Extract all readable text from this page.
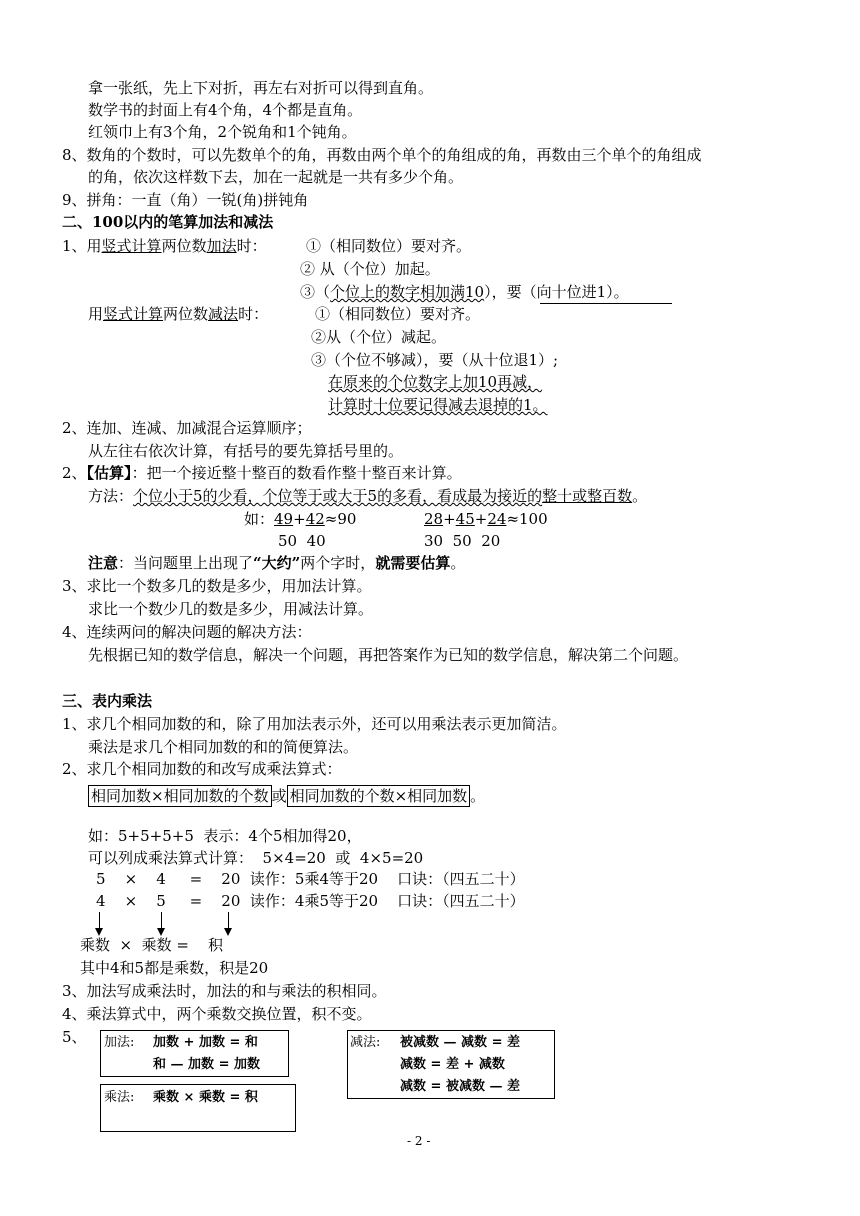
拿一张纸，先上下对折，再左右对折可以得到直角。
数学书的封面上有4个角，4个都是直角。
红领巾上有3个角，2个锐角和1个钝角。
8、数角的个数时，可以先数单个的角，再数由两个单个的角组成的角，再数由三个单个的角组成
的角，依次这样数下去，加在一起就是一共有多少个角。
9、拼角：一直（角）一锐(角)拼钝角
二、100以内的笔算加法和减法
1、用竖式计算两位数加法时：	①（相同数位）要对齐。
② 从（个位）加起。
③（个位上的数字相加满10），要（向十位进1）。
用竖式计算两位数减法时：	①（相同数位）要对齐。
②从（个位）减起。
③（个位不够减），要（从十位退1）;
在原来的个位数字上加10再减，
计算时十位要记得减去退掉的1。
2、连加、连减、加减混合运算顺序；
从左往右依次计算，有括号的要先算括号里的。
2、【估算】：把一个接近整十整百的数看作整十整百来计算。
方法：个位小于5的少看，个位等于或大于5的多看，看成最为接近的整十或整百数。
如：49+42≈90	28+45+24≈100
50  40	30  50  20
注意：当问题里上出现了“大约”两个字时，就需要估算。
3、求比一个数多几的数是多少，用加法计算。
求比一个数少几的数是多少，用减法计算。
4、连续两问的解决问题的解决方法：
先根据已知的数学信息，解决一个问题，再把答案作为已知的数学信息，解决第二个问题。
三、表内乘法
1、求几个相同加数的和，除了用加法表示外，还可以用乘法表示更加简洁。
乘法是求几个相同加数的和的简便算法。
2、求几个相同加数的和改写成乘法算式：
相同加数×相同加数的个数 或 相同加数的个数×相同加数 。
如：5+5+5+5  表示：4个5相加得20，
可以列成乘法算式计算：  5×4=20  或  4×5=20
5    ×    4     =    20  读作：5乘4等于20    口诀：（四五二十）
4    ×    5     =    20  读作：4乘5等于20    口诀：（四五二十）
乘数  ×  乘数 =    积
其中4和5都是乘数，积是20
3、加法写成乘法时，加法的和与乘法的积相同。
4、乘法算式中，两个乘数交换位置，积不变。
5、 加法: 加数 + 加数 = 和
和 — 加数 = 加数
减法: 被减数 — 减数 = 差
减数 = 差 + 减数
减数 = 被减数 — 差
乘法: 乘数 × 乘数 = 积
- 2 -
